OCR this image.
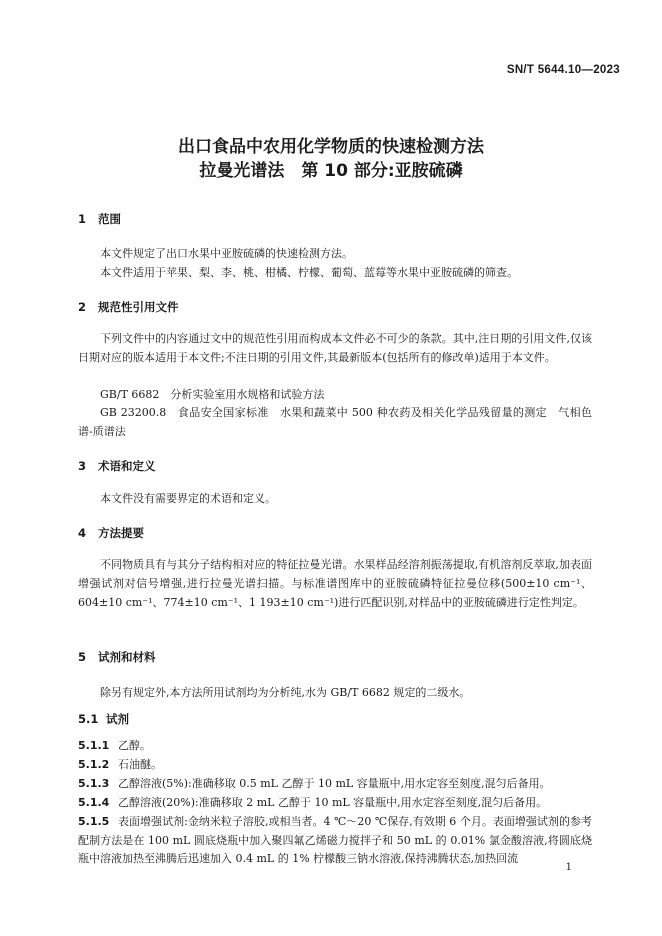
SN/T 5644.10—2023
出口食品中农用化学物质的快速检测方法
拉曼光谱法　第 10 部分:亚胺硫磷
1 范围
本文件规定了出口水果中亚胺硫磷的快速检测方法。
本文件适用于苹果、梨、李、桃、柑橘、柠檬、葡萄、蓝莓等水果中亚胺硫磷的筛查。
2 规范性引用文件
下列文件中的内容通过文中的规范性引用而构成本文件必不可少的条款。其中,注日期的引用文件,仅该日期对应的版本适用于本文件;不注日期的引用文件,其最新版本(包括所有的修改单)适用于本文件。
GB/T 6682　分析实验室用水规格和试验方法
GB 23200.8　食品安全国家标准　水果和蔬菜中 500 种农药及相关化学品残留量的测定　气相色谱-质谱法
3 术语和定义
本文件没有需要界定的术语和定义。
4 方法提要
不同物质具有与其分子结构相对应的特征拉曼光谱。水果样品经溶剂振荡提取,有机溶剂反萃取,加表面增强试剂对信号增强,进行拉曼光谱扫描。与标准谱图库中的亚胺硫磷特征拉曼位移(500±10 cm⁻¹、604±10 cm⁻¹、774±10 cm⁻¹、1 193±10 cm⁻¹)进行匹配识别,对样品中的亚胺硫磷进行定性判定。
5 试剂和材料
除另有规定外,本方法所用试剂均为分析纯,水为 GB/T 6682 规定的二级水。
5.1 试剂
5.1.1 乙醇。
5.1.2 石油醚。
5.1.3 乙醇溶液(5%):准确移取 0.5 mL 乙醇于 10 mL 容量瓶中,用水定容至刻度,混匀后备用。
5.1.4 乙醇溶液(20%):准确移取 2 mL 乙醇于 10 mL 容量瓶中,用水定容至刻度,混匀后备用。
5.1.5 表面增强试剂:金纳米粒子溶胶,或相当者。4 ℃～20 ℃保存,有效期 6 个月。表面增强试剂的参考配制方法是在 100 mL 圆底烧瓶中加入聚四氟乙烯磁力搅拌子和 50 mL 的 0.01% 氯金酸溶液,将圆底烧瓶中溶液加热至沸腾后迅速加入 0.4 mL 的 1% 柠檬酸三钠水溶液,保持沸腾状态,加热回流
1
